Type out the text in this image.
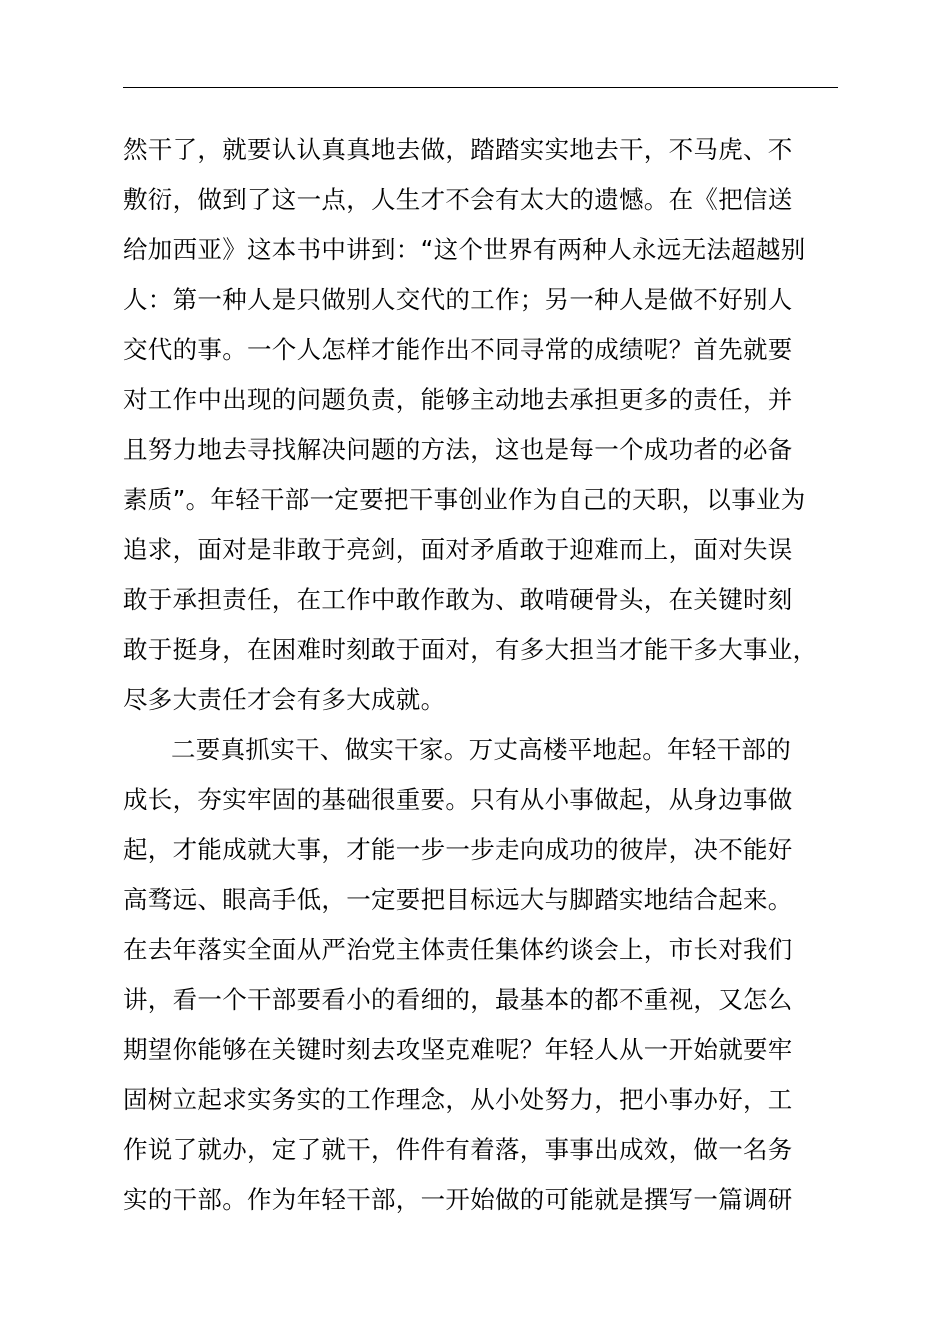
然干了，就要认认真真地去做，踏踏实实地去干，不马虎、不
敷衍，做到了这一点，人生才不会有太大的遗憾。在《把信送
给加西亚》这本书中讲到：“这个世界有两种人永远无法超越别
人：第一种人是只做别人交代的工作；另一种人是做不好别人
交代的事。一个人怎样才能作出不同寻常的成绩呢？首先就要
对工作中出现的问题负责，能够主动地去承担更多的责任，并
且努力地去寻找解决问题的方法，这也是每一个成功者的必备
素质”。年轻干部一定要把干事创业作为自己的天职，以事业为
追求，面对是非敢于亮剑，面对矛盾敢于迎难而上，面对失误
敢于承担责任，在工作中敢作敢为、敢啃硬骨头，在关键时刻
敢于挺身，在困难时刻敢于面对，有多大担当才能干多大事业，
尽多大责任才会有多大成就。
二要真抓实干、做实干家。万丈高楼平地起。年轻干部的
成长，夯实牢固的基础很重要。只有从小事做起，从身边事做
起，才能成就大事，才能一步一步走向成功的彼岸，决不能好
高骛远、眼高手低，一定要把目标远大与脚踏实地结合起来。
在去年落实全面从严治党主体责任集体约谈会上，市长对我们
讲，看一个干部要看小的看细的，最基本的都不重视，又怎么
期望你能够在关键时刻去攻坚克难呢？年轻人从一开始就要牢
固树立起求实务实的工作理念，从小处努力，把小事办好，工
作说了就办，定了就干，件件有着落，事事出成效，做一名务
实的干部。作为年轻干部，一开始做的可能就是撰写一篇调研
